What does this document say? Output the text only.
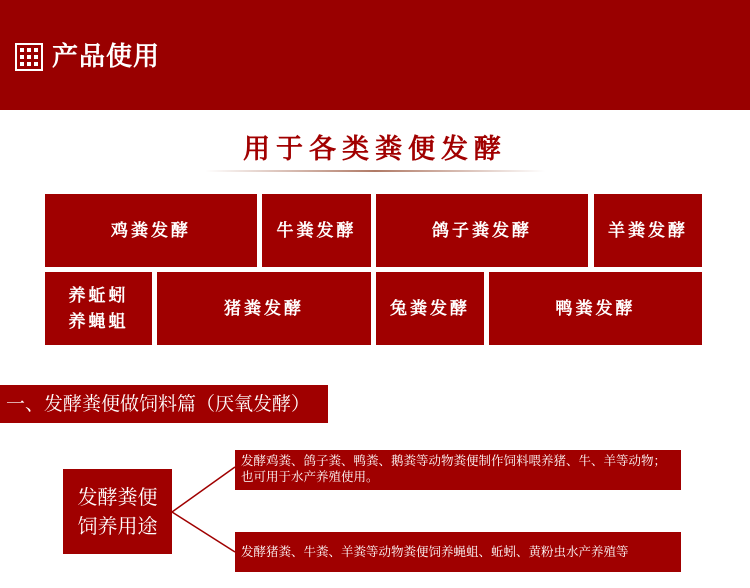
产品使用
用于各类粪便发酵
鸡粪发酵	牛粪发酵	鸽子粪发酵	羊粪发酵
养蚯蚓
养蝇蛆
猪粪发酵	兔粪发酵	鸭粪发酵
一、发酵粪便做饲料篇（厌氧发酵）
发酵粪便
饲养用途
发酵鸡粪、鸽子粪、鸭粪、鹅粪等动物粪便制作饲料喂养猪、牛、羊等动物；也可用于水产养殖使用。
发酵猪粪、牛粪、羊粪等动物粪便饲养蝇蛆、蚯蚓、黄粉虫水产养殖等
